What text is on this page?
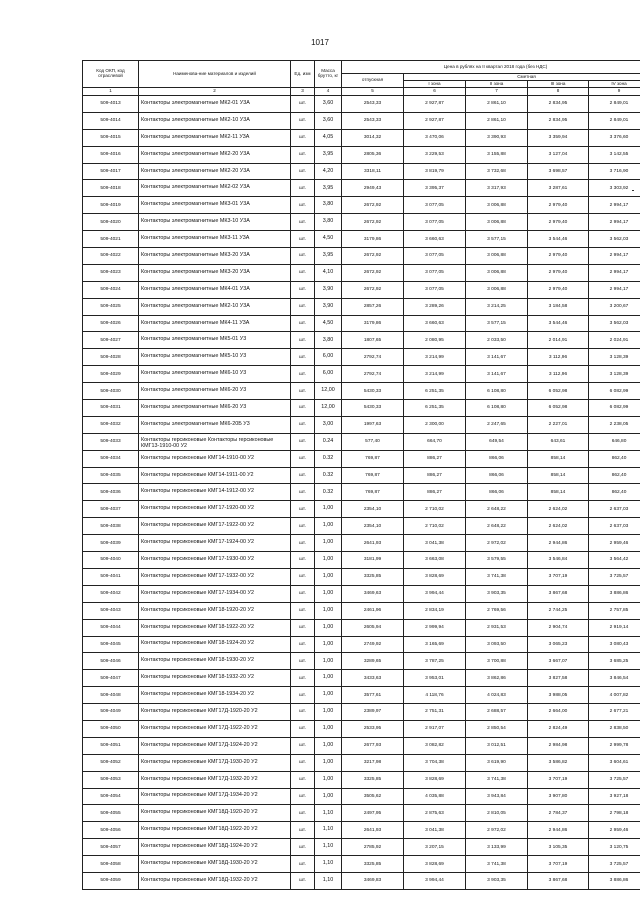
1017
Код ОКП, код отраслевой	Наименова-ние материалов и изделий	Ед. изм	Масса брутто, кг	Цена в рублях на II квартал 2018 года (без НДС)				
				отпускная	Сметная			
					I зона	II зона	III зона	IV зона
1	2	3	4	5	6	7	8	9
509-4013	Контакторы электромагнитные МК2-01 У3А	шт.	3,60	2543,33	2 927,87	2 861,10	2 834,95	2 849,01
509-4014	Контакторы электромагнитные МК2-10 У3А	шт.	3,60	2543,33	2 927,87	2 861,10	2 834,95	2 849,01
509-4015	Контакторы электромагнитные МК2-11 У3А	шт.	4,05	3014,32	3 470,06	3 390,93	3 359,94	3 376,60
509-4016	Контакторы электромагнитные МК2-20 У3А	шт.	3,95	2805,36	3 229,53	3 155,88	3 127,04	3 142,55
509-4017	Контакторы электромагнитные МК2-20 У3А	шт.	4,20	3318,11	3 819,79	3 732,68	3 698,57	3 716,90
509-4018	Контакторы электромагнитные МК2-02 У3А	шт.	3,95	2949,43	3 395,37	3 317,93	3 287,61	3 303,92
509-4019	Контакторы электромагнитные МК3-01 У3А	шт.	3,80	2672,92	3 077,05	3 006,88	2 979,40	2 994,17
509-4020	Контакторы электромагнитные МК3-10 У3А	шт.	3,80	2672,92	3 077,05	3 006,88	2 979,40	2 994,17
509-4021	Контакторы электромагнитные МК3-11 У3А	шт.	4,50	3179,86	3 660,63	3 577,15	3 544,46	3 562,03
509-4022	Контакторы электромагнитные МК3-20 У3А	шт.	3,95	2672,92	3 077,05	3 006,88	2 979,40	2 994,17
509-4023	Контакторы электромагнитные МК3-20 У3А	шт.	4,10	2672,92	3 077,05	3 006,88	2 979,40	2 994,17
509-4024	Контакторы электромагнитные МК4-01 У3А	шт.	3,90	2672,92	3 077,05	3 006,88	2 979,40	2 994,17
509-4025	Контакторы электромагнитные МК2-10 У3А	шт.	3,90	2857,26	3 289,26	3 214,25	3 184,58	3 200,67
509-4026	Контакторы электромагнитные МК4-11 У3А	шт.	4,50	3179,86	3 660,63	3 577,15	3 544,46	3 562,03
509-4027	Контакторы электромагнитные МК5-01 У3	шт.	3,80	1807,65	2 080,95	2 033,50	2 014,91	2 024,91
509-4028	Контакторы электромагнитные МК5-10 У3	шт.	6,00	2792,74	3 214,99	3 141,67	3 112,96	3 128,39
509-4029	Контакторы электромагнитные МК6-10 У3	шт.	6,00	2792,74	3 214,99	3 141,67	3 112,96	3 128,39
509-4030	Контакторы электромагнитные МК6-20 У3	шт.	12,00	5430,33	6 251,35	6 108,80	6 052,98	6 082,99
509-4031	Контакторы электромагнитные МК6-20 У3	шт.	12,00	5430,33	6 251,35	6 108,80	6 052,98	6 082,99
509-4032	Контакторы электромагнитные МК6-20Б У3	шт.	3,00	1997,63	2 300,00	2 247,65	2 227,01	2 238,05
509-4033	Контакторы герсиконовые Контакторы герсиконовые КМГ13-1910-00 У2	шт.	0.24	577,40	664,70	649,54	643,61	646,80
509-4034	Контакторы герсиконовые КМГ14-1910-00 У2	шт.	0.32	769,87	886,27	866,06	858,14	862,40
509-4035	Контакторы герсиконовые КМГ14-1911-00 У2	шт.	0.32	769,87	886,27	866,06	858,14	862,40
509-4036	Контакторы герсиконовые КМГ14-1912-00 У2	шт.	0.32	769,87	886,27	866,06	858,14	862,40
509-4037	Контакторы герсиконовые КМГ17-1920-00 У2	шт.	1,00	2354,10	2 710,02	2 648,22	2 624,02	2 637,03
509-4038	Контакторы герсиконовые КМГ17-1922-00 У2	шт.	1,00	2354,10	2 710,02	2 648,22	2 624,02	2 637,03
509-4039	Контакторы герсиконовые КМГ17-1924-00 У2	шт.	1,00	2641,93	3 041,38	2 972,02	2 944,86	2 959,46
509-4040	Контакторы герсиконовые КМГ17-1930-00 У2	шт.	1,00	3181,99	3 663,08	3 579,55	3 546,84	3 564,42
509-4041	Контакторы герсиконовые КМГ17-1932-00 У2	шт.	1,00	3325,85	3 828,69	3 741,38	3 707,19	3 725,57
509-4042	Контакторы герсиконовые КМГ17-1934-00 У2	шт.	1,00	3469,63	3 994,44	3 903,35	3 867,68	3 886,86
509-4043	Контакторы герсиконовые КМГ18-1920-20 У2	шт.	1,00	2461,96	2 834,19	2 769,56	2 744,25	2 757,85
509-4044	Контакторы герсиконовые КМГ18-1922-20 У2	шт.	1,00	2605,94	2 999,94	2 931,53	2 904,74	2 919,14
509-4045	Контакторы герсиконовые КМГ18-1924-20 У2	шт.	1,00	2749,92	3 165,69	3 093,50	3 065,23	3 080,43
509-4046	Контакторы герсиконовые КМГ18-1930-20 У2	шт.	1,00	3289,65	3 787,25	3 700,88	3 667,07	3 685,25
509-4047	Контакторы герсиконовые КМГ18-1932-20 У2	шт.	1,00	3433,63	3 953,01	3 862,86	3 827,58	3 846,54
509-4048	Контакторы герсиконовые КМГ18-1934-20 У2	шт.	1,00	3577,61	4 118,76	4 024,83	3 988,05	4 007,82
509-4049	Контакторы герсиконовые КМГ17Д-1920-20 У2	шт.	1,00	2389,97	2 751,31	2 688,57	2 664,00	2 677,21
509-4050	Контакторы герсиконовые КМГ17Д-1922-20 У2	шт.	1,00	2533,95	2 917,07	2 850,54	2 824,49	2 838,50
509-4051	Контакторы герсиконовые КМГ17Д-1924-20 У2	шт.	1,00	2677,93	3 082,82	3 012,51	2 984,98	2 999,78
509-4052	Контакторы герсиконовые КМГ17Д-1930-20 У2	шт.	1,00	3217,98	3 704,38	3 619,90	3 586,82	3 604,61
509-4053	Контакторы герсиконовые КМГ17Д-1932-20 У2	шт.	1,00	3325,85	3 828,69	3 741,38	3 707,19	3 725,57
509-4054	Контакторы герсиконовые КМГ17Д-1934-20 У2	шт.	1,00	3505,62	4 035,88	3 943,84	3 907,80	3 927,18
509-4055	Контакторы герсиконовые КМГ18Д-1920-20 У2	шт.	1,10	2497,95	2 875,63	2 810,05	2 784,37	2 798,18
509-4056	Контакторы герсиконовые КМГ18Д-1922-20 У2	шт.	1,10	2641,93	3 041,38	2 972,02	2 944,86	2 959,46
509-4057	Контакторы герсиконовые КМГ18Д-1924-20 У2	шт.	1,10	2785,92	3 207,15	3 133,99	3 105,35	3 120,75
509-4058	Контакторы герсиконовые КМГ18Д-1930-20 У2	шт.	1,10	3325,85	3 828,69	3 741,38	3 707,19	3 725,57
509-4059	Контакторы герсиконовые КМГ18Д-1932-20 У2	шт.	1,10	3469,83	3 994,44	3 903,35	3 867,68	3 886,86
